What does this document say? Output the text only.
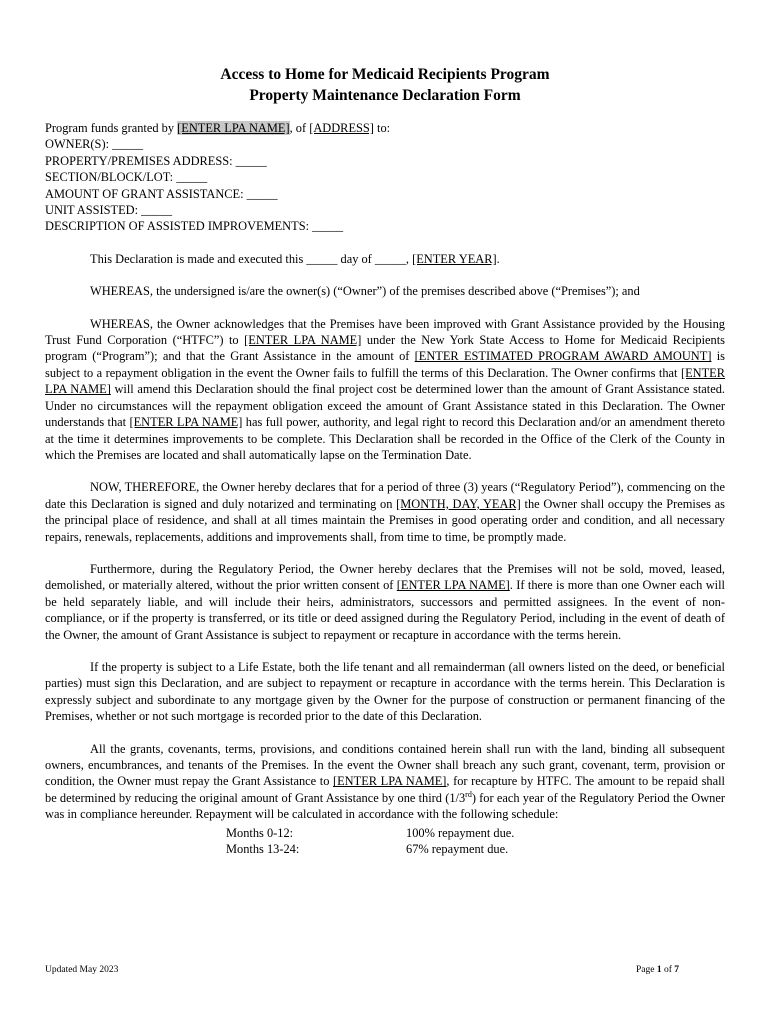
Access to Home for Medicaid Recipients Program
Property Maintenance Declaration Form
Program funds granted by [ENTER LPA NAME], of [ADDRESS] to:
OWNER(S): _____
PROPERTY/PREMISES ADDRESS: _____
SECTION/BLOCK/LOT: _____
AMOUNT OF GRANT ASSISTANCE: _____
UNIT ASSISTED: _____
DESCRIPTION OF ASSISTED IMPROVEMENTS: _____
This Declaration is made and executed this _____ day of _____, [ENTER YEAR].
WHEREAS, the undersigned is/are the owner(s) (“Owner”) of the premises described above (“Premises”); and
WHEREAS, the Owner acknowledges that the Premises have been improved with Grant Assistance provided by the Housing Trust Fund Corporation (“HTFC”) to [ENTER LPA NAME] under the New York State Access to Home for Medicaid Recipients program (“Program”); and that the Grant Assistance in the amount of [ENTER ESTIMATED PROGRAM AWARD AMOUNT] is subject to a repayment obligation in the event the Owner fails to fulfill the terms of this Declaration. The Owner confirms that [ENTER LPA NAME] will amend this Declaration should the final project cost be determined lower than the amount of Grant Assistance stated. Under no circumstances will the repayment obligation exceed the amount of Grant Assistance stated in this Declaration. The Owner understands that [ENTER LPA NAME] has full power, authority, and legal right to record this Declaration and/or an amendment thereto at the time it determines improvements to be complete. This Declaration shall be recorded in the Office of the Clerk of the County in which the Premises are located and shall automatically lapse on the Termination Date.
NOW, THEREFORE, the Owner hereby declares that for a period of three (3) years (“Regulatory Period”), commencing on the date this Declaration is signed and duly notarized and terminating on [MONTH, DAY, YEAR] the Owner shall occupy the Premises as the principal place of residence, and shall at all times maintain the Premises in good operating order and condition, and all necessary repairs, renewals, replacements, additions and improvements shall, from time to time, be promptly made.
Furthermore, during the Regulatory Period, the Owner hereby declares that the Premises will not be sold, moved, leased, demolished, or materially altered, without the prior written consent of [ENTER LPA NAME]. If there is more than one Owner each will be held separately liable, and will include their heirs, administrators, successors and permitted assignees. In the event of non-compliance, or if the property is transferred, or its title or deed assigned during the Regulatory Period, including in the event of death of the Owner, the amount of Grant Assistance is subject to repayment or recapture in accordance with the terms herein.
If the property is subject to a Life Estate, both the life tenant and all remainderman (all owners listed on the deed, or beneficial parties) must sign this Declaration, and are subject to repayment or recapture in accordance with the terms herein. This Declaration is expressly subject and subordinate to any mortgage given by the Owner for the purpose of construction or permanent financing of the Premises, whether or not such mortgage is recorded prior to the date of this Declaration.
All the grants, covenants, terms, provisions, and conditions contained herein shall run with the land, binding all subsequent owners, encumbrances, and tenants of the Premises. In the event the Owner shall breach any such grant, covenant, term, provision or condition, the Owner must repay the Grant Assistance to [ENTER LPA NAME], for recapture by HTFC. The amount to be repaid shall be determined by reducing the original amount of Grant Assistance by one third (1/3rd) for each year of the Regulatory Period the Owner was in compliance hereunder. Repayment will be calculated in accordance with the following schedule:
Months 0-12:	100% repayment due.
Months 13-24:	67% repayment due.
Updated May 2023	Page 1 of 7
